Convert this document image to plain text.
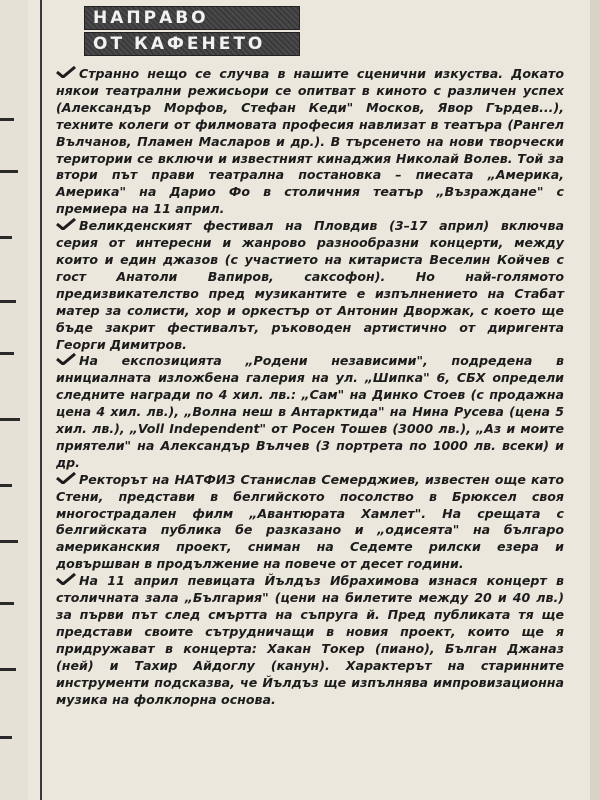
НАПРАВО
ОТ КАФЕНЕТО

Странно нещо се случва в нашите сценични изкуства. Докато някои театрални режисьори се опитват в киното с различен успех (Александър Морфов, Стефан Кеди" Москов, Явор Гърдев...), техните колеги от филмовата професия навлизат в театъра (Рангел Вълчанов, Пламен Масларов и др.). В търсенето на нови творчески територии се включи и известният кинаджия Николай Волев. Той за втори път прави театрална постановка – пиесата „Америка, Америка" на Дарио Фо в столичния театър „Възраждане" с премиера на 11 април.

Великденският фестивал на Пловдив (3–17 април) включва серия от интересни и жанрово разнообразни концерти, между които и един джазов (с участието на китариста Веселин Койчев с гост Анатоли Вапиров, саксофон). Но най-голямото предизвикателство пред музикантите е изпълнението на Стабат матер за солисти, хор и оркестър от Антонин Дворжак, с което ще бъде закрит фестивалът, ръководен артистично от диригента Георги Димитров.

На експозицията „Родени независими", подредена в инициалната изложбена галерия на ул. „Шипка" 6, СБХ определи следните награди по 4 хил. лв.: „Сам" на Динко Стоев (с продажна цена 4 хил. лв.), „Волна неш в Антарктида" на Нина Русева (цена 5 хил. лв.), „Voll Independent" от Росен Тошев (3000 лв.), „Аз и моите приятели" на Александър Вълчев (3 портрета по 1000 лв. всеки) и др.

Ректорът на НАТФИЗ Станислав Семерджиев, известен още като Стени, представи в белгийското посолство в Брюксел своя многострадален филм „Авантюрата Хамлет". На срещата с белгийската публика бе разказано и „одисеята" на българо американския проект, сниман на Седемте рилски езера и довършван в продължение на повече от десет години.

На 11 април певицата Йълдъз Ибрахимова изнася концерт в столичната зала „България" (цени на билетите между 20 и 40 лв.) за първи път след смъртта на съпруга й. Пред публиката тя ще представи своите сътрудничащи в новия проект, които ще я придружават в концерта: Хакан Токер (пиано), Бълган Джаназ (ней) и Тахир Айдоглу (канун). Характерът на старинните инструменти подсказва, че Йълдъз ще изпълнява импровизационна музика на фолклорна основа.
